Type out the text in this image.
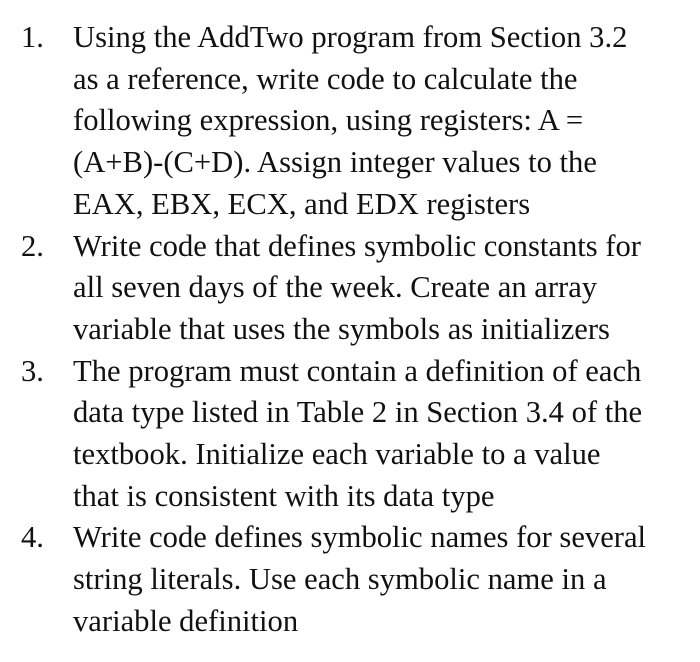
1. Using the AddTwo program from Section 3.2
as a reference, write code to calculate the
following expression, using registers: A =
(A+B)-(C+D). Assign integer values to the
EAX, EBX, ECX, and EDX registers
2. Write code that defines symbolic constants for
all seven days of the week. Create an array
variable that uses the symbols as initializers
3. The program must contain a definition of each
data type listed in Table 2 in Section 3.4 of the
textbook. Initialize each variable to a value
that is consistent with its data type
4. Write code defines symbolic names for several
string literals. Use each symbolic name in a
variable definition
